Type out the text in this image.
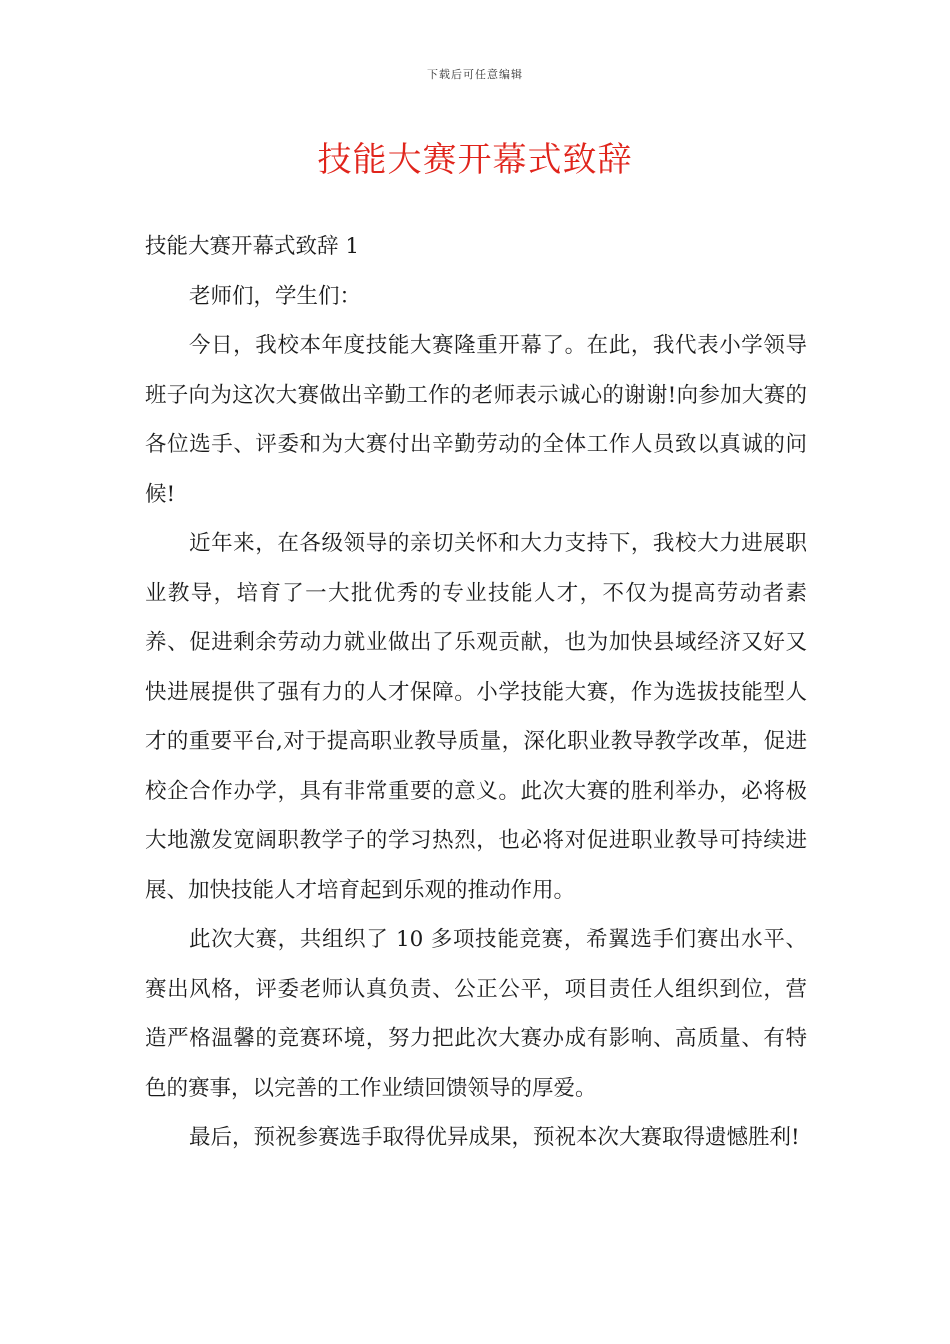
下载后可任意编辑
技能大赛开幕式致辞

技能大赛开幕式致辞 1

老师们，学生们：

今日，我校本年度技能大赛隆重开幕了。在此，我代表小学领导班子向为这次大赛做出辛勤工作的老师表示诚心的谢谢!向参加大赛的各位选手、评委和为大赛付出辛勤劳动的全体工作人员致以真诚的问候!

近年来，在各级领导的亲切关怀和大力支持下，我校大力进展职业教导，培育了一大批优秀的专业技能人才，不仅为提高劳动者素养、促进剩余劳动力就业做出了乐观贡献，也为加快县域经济又好又快进展提供了强有力的人才保障。小学技能大赛，作为选拔技能型人才的重要平台,对于提高职业教导质量，深化职业教导教学改革，促进校企合作办学，具有非常重要的意义。此次大赛的胜利举办，必将极大地激发宽阔职教学子的学习热烈，也必将对促进职业教导可持续进展、加快技能人才培育起到乐观的推动作用。

此次大赛，共组织了 10 多项技能竞赛，希翼选手们赛出水平、赛出风格，评委老师认真负责、公正公平，项目责任人组织到位，营造严格温馨的竞赛环境，努力把此次大赛办成有影响、高质量、有特色的赛事，以完善的工作业绩回馈领导的厚爱。

最后，预祝参赛选手取得优异成果，预祝本次大赛取得遗憾胜利!
